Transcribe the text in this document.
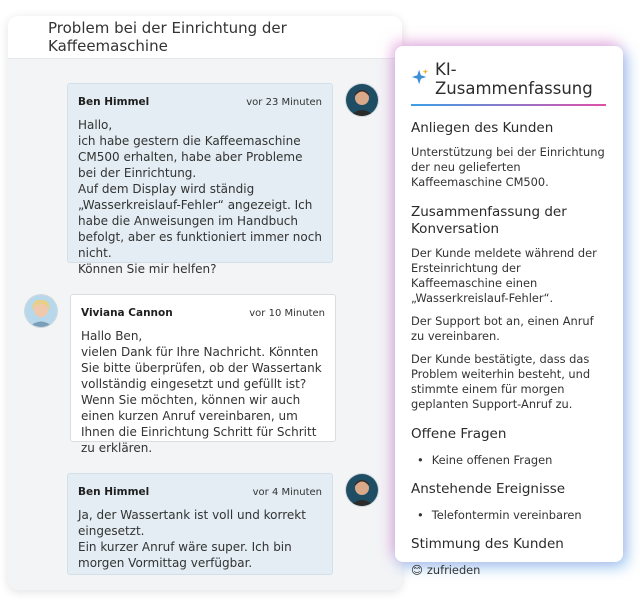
Problem bei der Einrichtung der Kaffeemaschine
Ben Himmel	vor 23 Minuten
Hallo,
ich habe gestern die Kaffeemaschine CM500 erhalten, habe aber Probleme bei der Einrichtung.
Auf dem Display wird ständig „Wasserkreislauf-Fehler“ angezeigt. Ich habe die Anweisungen im Handbuch befolgt, aber es funktioniert immer noch nicht.
Können Sie mir helfen?
Viviana Cannon	vor 10 Minuten
Hallo Ben,
vielen Dank für Ihre Nachricht. Könnten Sie bitte überprüfen, ob der Wassertank vollständig eingesetzt und gefüllt ist? Wenn Sie möchten, können wir auch einen kurzen Anruf vereinbaren, um Ihnen die Einrichtung Schritt für Schritt zu erklären.
Ben Himmel	vor 4 Minuten
Ja, der Wassertank ist voll und korrekt eingesetzt.
Ein kurzer Anruf wäre super. Ich bin morgen Vormittag verfügbar.
KI-Zusammenfassung
Anliegen des Kunden
Unterstützung bei der Einrichtung der neu gelieferten Kaffeemaschine CM500.
Zusammenfassung der Konversation
Der Kunde meldete während der Ersteinrichtung der Kaffeemaschine einen „Wasserkreislauf-Fehler“.
Der Support bot an, einen Anruf zu vereinbaren.
Der Kunde bestätigte, dass das Problem weiterhin besteht, und stimmte einem für morgen geplanten Support-Anruf zu.
Offene Fragen
• Keine offenen Fragen
Anstehende Ereignisse
• Telefontermin vereinbaren
Stimmung des Kunden
😊 zufrieden
